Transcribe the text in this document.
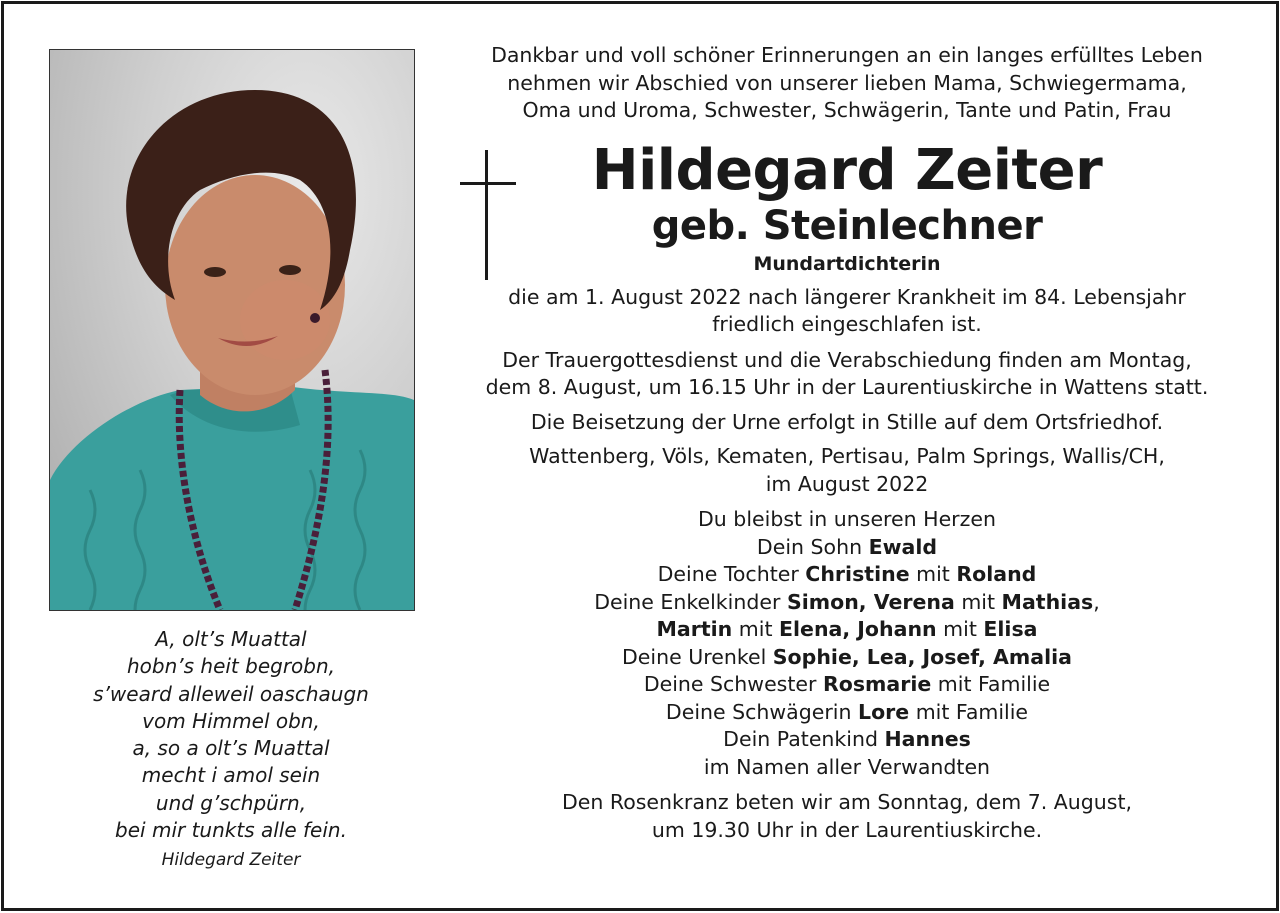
A, olt’s Muattal
hobn’s heit begrobn,
s’weard alleweil oaschaugn
vom Himmel obn,
a, so a olt’s Muattal
mecht i amol sein
und g’schpürn,
bei mir tunkts alle fein.
Hildegard Zeiter
Dankbar und voll schöner Erinnerungen an ein langes erfülltes Leben
nehmen wir Abschied von unserer lieben Mama, Schwiegermama,
Oma und Uroma, Schwester, Schwägerin, Tante und Patin, Frau
Hildegard Zeiter
geb. Steinlechner
Mundartdichterin
die am 1. August 2022 nach längerer Krankheit im 84. Lebensjahr
friedlich eingeschlafen ist.
Der Trauergottesdienst und die Verabschiedung finden am Montag,
dem 8. August, um 16.15 Uhr in der Laurentiuskirche in Wattens statt.
Die Beisetzung der Urne erfolgt in Stille auf dem Ortsfriedhof.
Wattenberg, Völs, Kematen, Pertisau, Palm Springs, Wallis/CH,
im August 2022
Du bleibst in unseren Herzen
Dein Sohn Ewald
Deine Tochter Christine mit Roland
Deine Enkelkinder Simon, Verena mit Mathias,
Martin mit Elena, Johann mit Elisa
Deine Urenkel Sophie, Lea, Josef, Amalia
Deine Schwester Rosmarie mit Familie
Deine Schwägerin Lore mit Familie
Dein Patenkind Hannes
im Namen aller Verwandten
Den Rosenkranz beten wir am Sonntag, dem 7. August,
um 19.30 Uhr in der Laurentiuskirche.
